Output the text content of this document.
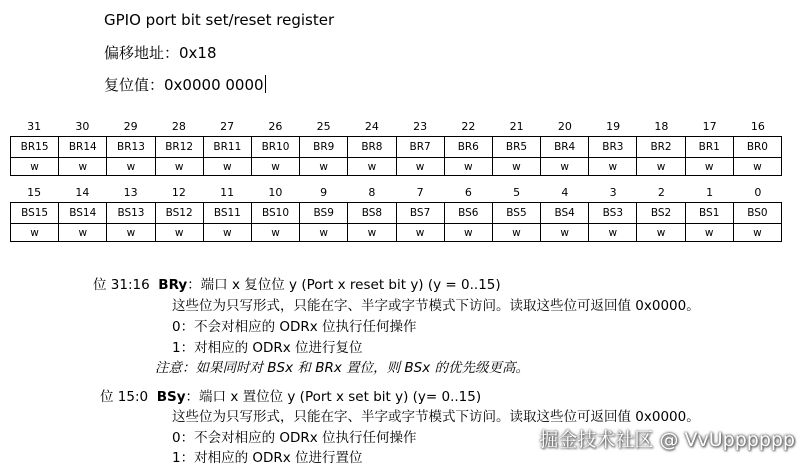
GPIO port bit set/reset register
偏移地址：0x18
复位值：0x0000 0000
31	30	29	28	27	26	25	24	23	22	21	20	19	18	17	16
BR15	BR14	BR13	BR12	BR11	BR10	BR9	BR8	BR7	BR6	BR5	BR4	BR3	BR2	BR1	BR0
w	w	w	w	w	w	w	w	w	w	w	w	w	w	w	w
15	14	13	12	11	10	9	8	7	6	5	4	3	2	1	0
BS15	BS14	BS13	BS12	BS11	BS10	BS9	BS8	BS7	BS6	BS5	BS4	BS3	BS2	BS1	BS0
w	w	w	w	w	w	w	w	w	w	w	w	w	w	w	w
位 31:16 BRy：端口 x 复位位 y (Port x reset bit y) (y = 0..15)
这些位为只写形式，只能在字、半字或字节模式下访问。读取这些位可返回值 0x0000。
0：不会对相应的 ODRx 位执行任何操作
1：对相应的 ODRx 位进行复位
注意：如果同时对 BSx 和 BRx 置位，则 BSx 的优先级更高。
位 15:0 BSy：端口 x 置位位 y (Port x set bit y) (y= 0..15)
这些位为只写形式，只能在字、半字或字节模式下访问。读取这些位可返回值 0x0000。
0：不会对相应的 ODRx 位执行任何操作
1：对相应的 ODRx 位进行置位
掘金技术社区 @ VvUpppppp
